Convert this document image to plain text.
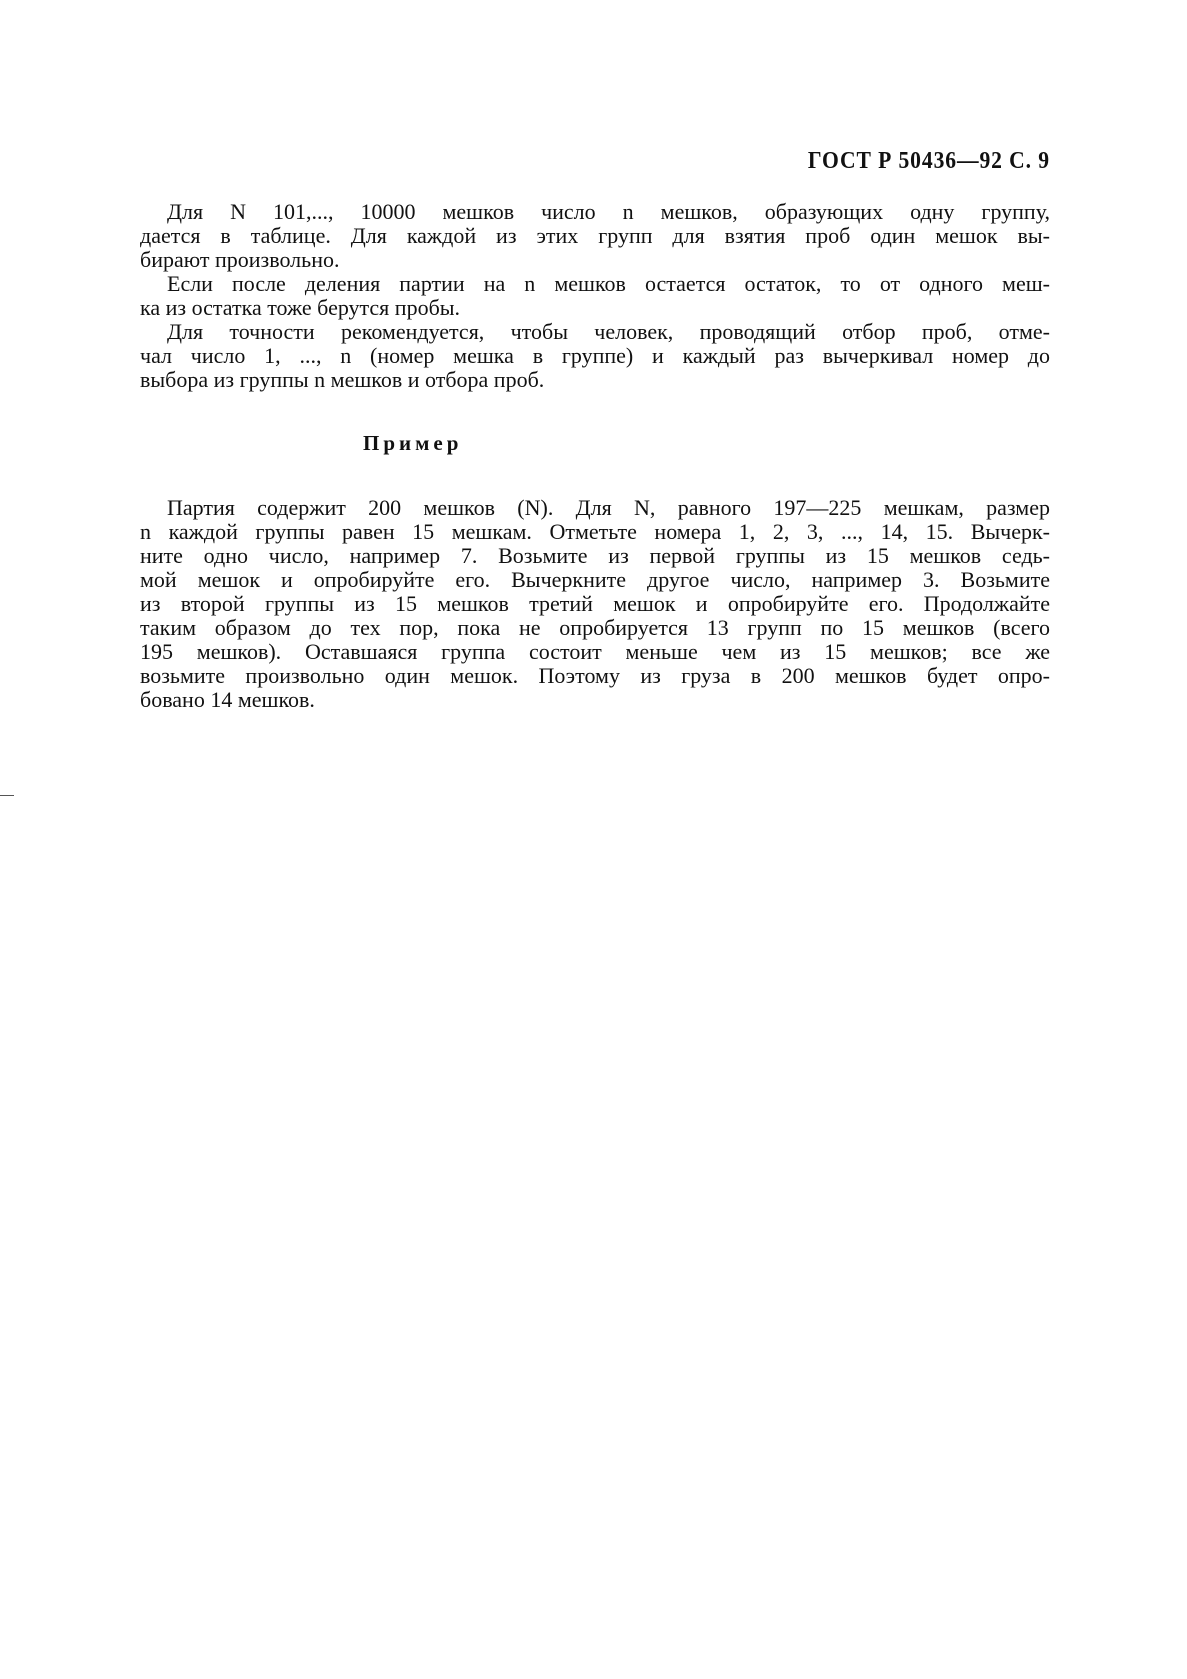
ГОСТ Р 50436—92 С. 9
Для N 101,..., 10000 мешков число n мешков, образующих одну группу,
дается в таблице. Для каждой из этих групп для взятия проб один мешок вы-
бирают произвольно.
Если после деления партии на n мешков остается остаток, то от одного меш-
ка из остатка тоже берутся пробы.
Для точности рекомендуется, чтобы человек, проводящий отбор проб, отме-
чал число 1, ..., n (номер мешка в группе) и каждый раз вычеркивал номер до
выбора из группы n мешков и отбора проб.
Пример
Партия содержит 200 мешков (N). Для N, равного 197—225 мешкам, размер
n каждой группы равен 15 мешкам. Отметьте номера 1, 2, 3, ..., 14, 15. Вычерк-
ните одно число, например 7. Возьмите из первой группы из 15 мешков седь-
мой мешок и опробируйте его. Вычеркните другое число, например 3. Возьмите
из второй группы из 15 мешков третий мешок и опробируйте его. Продолжайте
таким образом до тех пор, пока не опробируется 13 групп по 15 мешков (всего
195 мешков). Оставшаяся группа состоит меньше чем из 15 мешков; все же
возьмите произвольно один мешок. Поэтому из груза в 200 мешков будет опро-
бовано 14 мешков.
